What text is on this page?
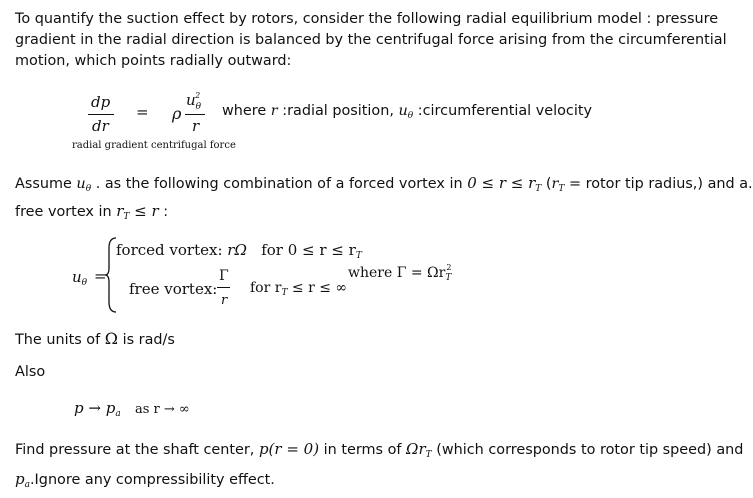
To quantify the suction effect by rotors, consider the following radial equilibrium model : pressure
gradient in the radial direction is balanced by the centrifugal force arising from the circumferential
motion, which points radially outward:
dp
dr
= ρ
$u_\theta^2$
r
where r :radial position, $u_\theta$ :circumferential velocity
radial gradient centrifugal force
Assume $u_\theta$ . as the following combination of a forced vortex in $0 \le r \le r_T$ ($r_T$ = rotor tip radius,) and a.
free vortex in $r_T \le r$ :
$u_\theta$ =
forced vortex: rΩ for $0 \le r \le r_T$
free vortex:
Γ
r
for $r_T \le r$ ≤ ∞
where $\Gamma = \Omega r_T^2$
The units of Ω is rad/s
Also
$p \to p_a$ as r → ∞
Find pressure at the shaft center, p(r = 0) in terms of $\Omega r_T$ (which corresponds to rotor tip speed) and
$p_a.Ignore$ any compressibility effect.
